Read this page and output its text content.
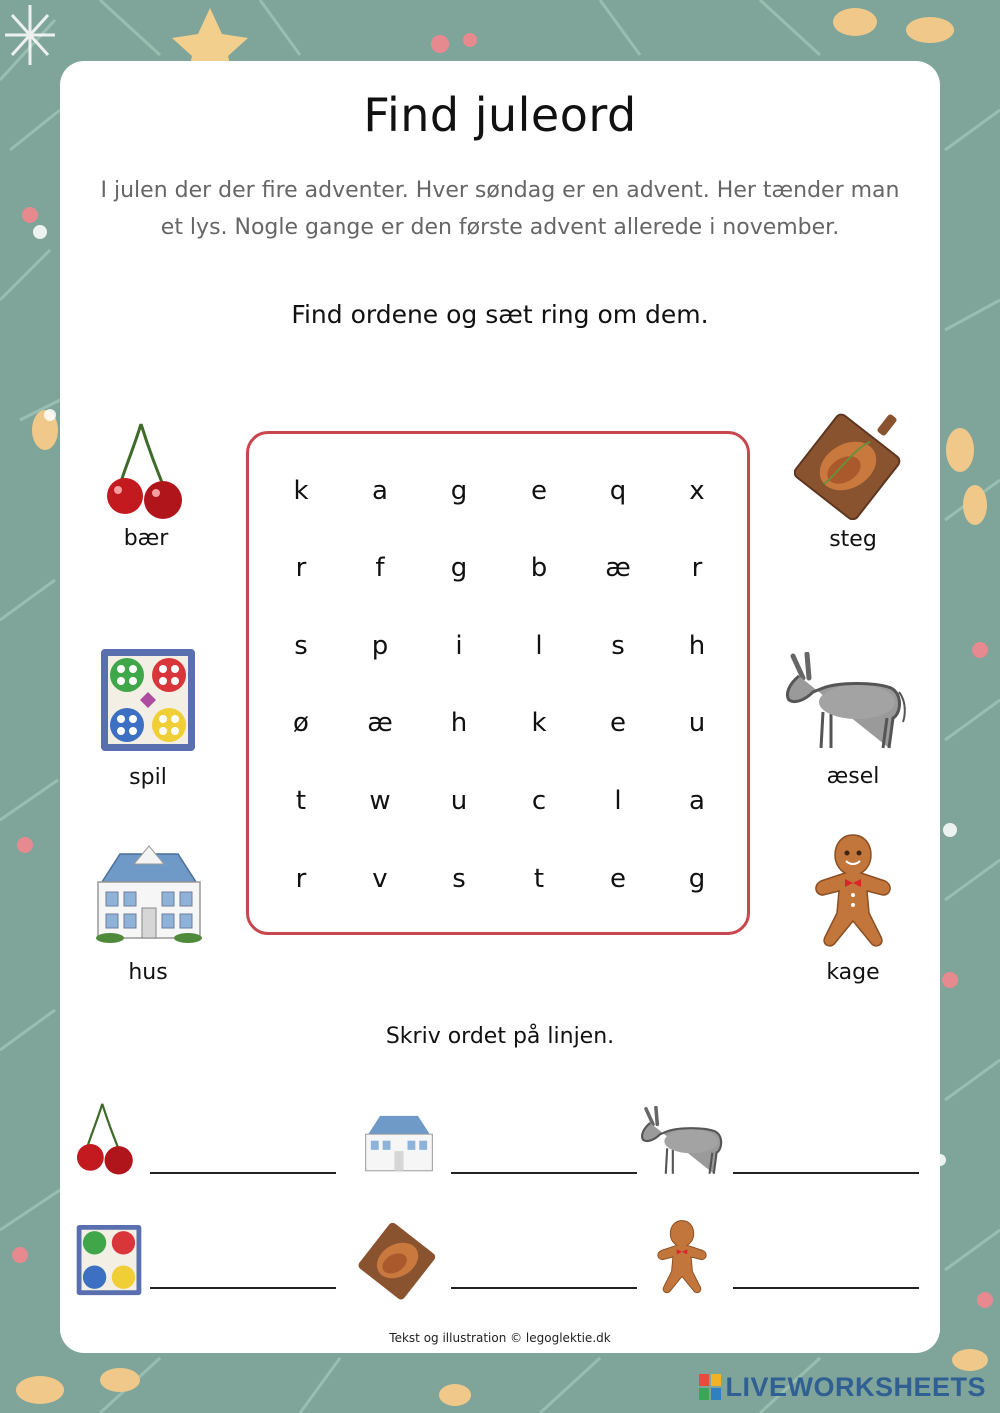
Find juleord
I julen der der fire adventer. Hver søndag er en advent. Her tænder man et lys. Nogle gange er den første advent allerede i november.
Find ordene og sæt ring om dem.
k	a	g	e	q	x
r	f	g	b	æ	r
s	p	i	l	s	h
ø	æ	h	k	e	u
t	w	u	c	l	a
r	v	s	t	e	g
bær
spil
hus
steg
æsel
kage
Skriv ordet på linjen.
Tekst og illustration © legoglektie.dk
LIVEWORKSHEETS
